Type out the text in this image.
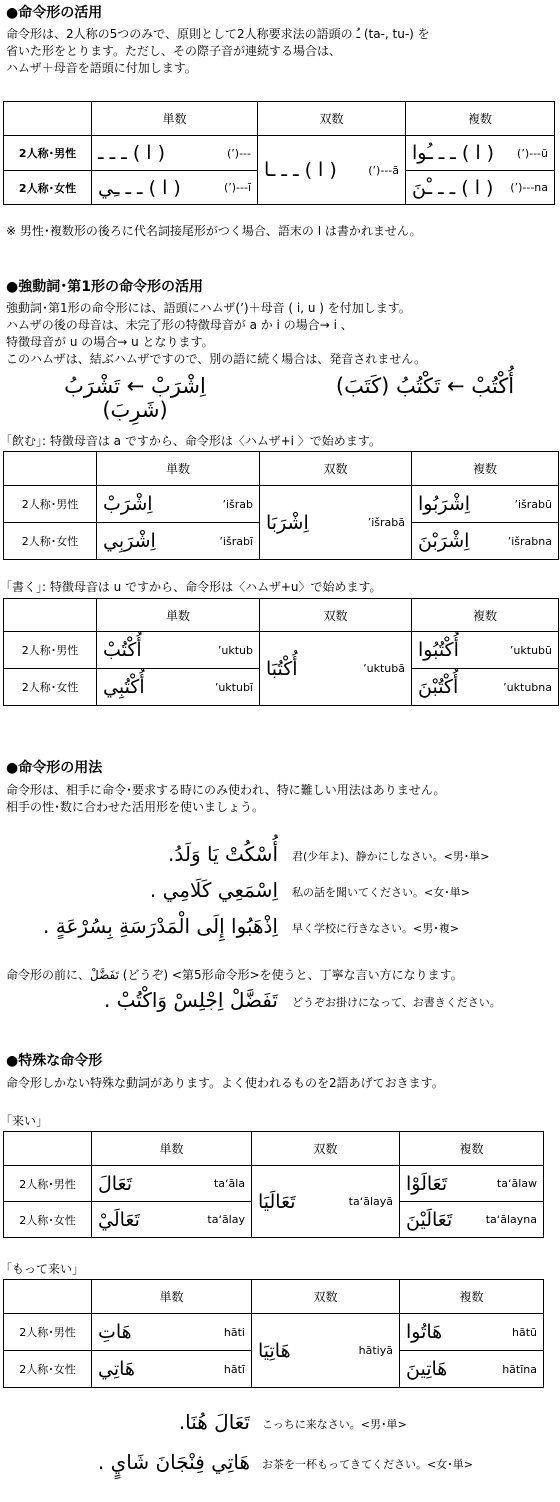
●命令形の活用
命令形は、2人称の5つのみで、原則として2人称要求法の語頭の ـُ (ta-, tu-) を
省いた形をとります。ただし、その際子音が連続する場合は、
ハムザ＋母音を語頭に付加します。
	単数	双数	複数
2人称･男性	( ا ) ـ ـ ـ (ʼ)---	( ا ) ـ ـ ـا (ʼ)---ā	( ا ) ـ ـ ـُوا (ʼ)---ū

2人称･女性	( ا ) ـ ـ ـِي (ʼ)---ī		( ا ) ـ ـ ـْنَ (ʼ)---na
※ 男性･複数形の後ろに代名詞接尾形がつく場合、語末の ا は書かれません。
●強動詞･第1形の命令形の活用
強動詞･第1形の命令形には、語頭にハムザ(ʼ)＋母音 ( i, u ) を付加します。
ハムザの後の母音は、未完了形の特徴母音が a か i の場合→ i 、
特徴母音が u の場合→ u となります。
このハムザは、結ぶハムザですので、別の語に続く場合は、発音されません。
اِشْرَبْ ← تَشْرَبُ (شَرِبَ)
أُكْتُبْ ← تَكْتُبُ (كَتَبَ)
｢飲む｣: 特徴母音は a ですから、命令形は〈ハムザ+i 〉で始めます。
	単数	双数	複数
2人称･男性	اِشْرَبْ ʼišrab	اِشْرَبَا ʼišrabā	اِشْرَبُوا ʼišrabū

2人称･女性	اِشْرَبِي ʼišrabī		اِشْرَبْنَ ʼišrabna
｢書く｣: 特徴母音は u ですから、命令形は〈ハムザ+u〉で始めます。
	単数	双数	複数
2人称･男性	أُكْتُبْ ʼuktub	أُكْتُبَا ʼuktubā	أُكْتُبُوا ʼuktubū

2人称･女性	أُكْتُبِي ʼuktubī		أُكْتُبْنَ ʼuktubna
●命令形の用法
命令形は、相手に命令･要求する時にのみ使われ、特に難しい用法はありません。
相手の性･数に合わせた活用形を使いましょう。
أُسْكُتْ يَا وَلَدُ. 君(少年よ)、静かにしなさい。<男･単>
اِسْمَعِي كَلَامِي . 私の話を聞いてください。<女･単>
اِذْهَبُوا إِلَى الْمَدْرَسَةِ بِسُرْعَةٍ . 早く学校に行きなさい。<男･複>
命令形の前に、تَفَضَّلْ (どうぞ) <第5形命令形>を使うと、丁寧な言い方になります。
تَفَضَّلْ اِجْلِسْ وَاكْتُبْ . どうぞお掛けになって、お書きください。
●特殊な命令形
命令形しかない特殊な動詞があります。よく使われるものを2語あげておきます。
｢来い｣
	単数	双数	複数
2人称･男性	تَعَالَ taʻāla	تَعَالَيَا taʻālayā	تَعَالَوْا taʻālaw

2人称･女性	تَعَالَيْ taʻālay		تَعَالَيْنَ taʻālayna
｢もって来い｣
	単数	双数	複数
2人称･男性	هَاتِ hāti	هَاتِيَا hātiyā	هَاتُوا hātū

2人称･女性	هَاتِي hātī		هَاتِينَ hātīna
تَعَالَ هُنَا. こっちに来なさい。<男･単>
هَاتِي فِنْجَانَ شَايٍ . お茶を一杯もってきてください。<女･単>
